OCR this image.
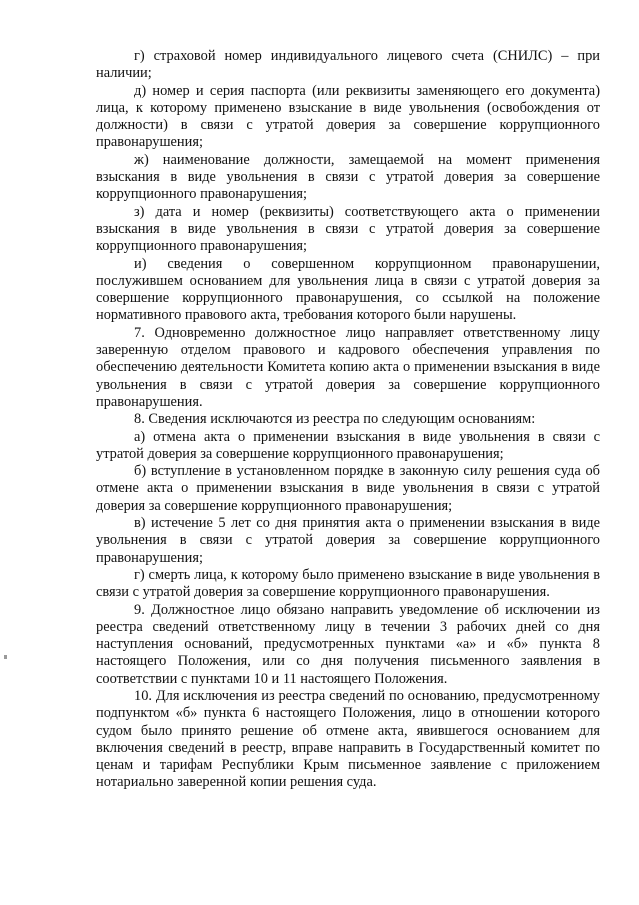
г) страховой номер индивидуального лицевого счета (СНИЛС) – при наличии;

д) номер и серия паспорта (или реквизиты заменяющего его документа) лица, к которому применено взыскание в виде увольнения (освобождения от должности) в связи с утратой доверия за совершение коррупционного правонарушения;

ж) наименование должности, замещаемой на момент применения взыскания в виде увольнения в связи с утратой доверия за совершение коррупционного правонарушения;

з) дата и номер (реквизиты) соответствующего акта о применении взыскания в виде увольнения в связи с утратой доверия за совершение коррупционного правонарушения;

и) сведения о совершенном коррупционном правонарушении, послужившем основанием для увольнения лица в связи с утратой доверия за совершение коррупционного правонарушения, со ссылкой на положение нормативного правового акта, требования которого были нарушены.

7. Одновременно должностное лицо направляет ответственному лицу заверенную отделом правового и кадрового обеспечения управления по обеспечению деятельности Комитета копию акта о применении взыскания в виде увольнения в связи с утратой доверия за совершение коррупционного правонарушения.

8. Сведения исключаются из реестра по следующим основаниям:

а) отмена акта о применении взыскания в виде увольнения в связи с утратой доверия за совершение коррупционного правонарушения;

б) вступление в установленном порядке в законную силу решения суда об отмене акта о применении взыскания в виде увольнения в связи с утратой доверия за совершение коррупционного правонарушения;

в) истечение 5 лет со дня принятия акта о применении взыскания в виде увольнения в связи с утратой доверия за совершение коррупционного правонарушения;

г) смерть лица, к которому было применено взыскание в виде увольнения в связи с утратой доверия за совершение коррупционного правонарушения.

9. Должностное лицо обязано направить уведомление об исключении из реестра сведений ответственному лицу в течении 3 рабочих дней со дня наступления оснований, предусмотренных пунктами «а» и «б» пункта 8 настоящего Положения, или со дня получения письменного заявления в соответствии с пунктами 10 и 11 настоящего Положения.

10. Для исключения из реестра сведений по основанию, предусмотренному подпунктом «б» пункта 6 настоящего Положения, лицо в отношении которого судом было принято решение об отмене акта, явившегося основанием для включения сведений в реестр, вправе направить в Государственный комитет по ценам и тарифам Республики Крым письменное заявление с приложением нотариально заверенной копии решения суда.
